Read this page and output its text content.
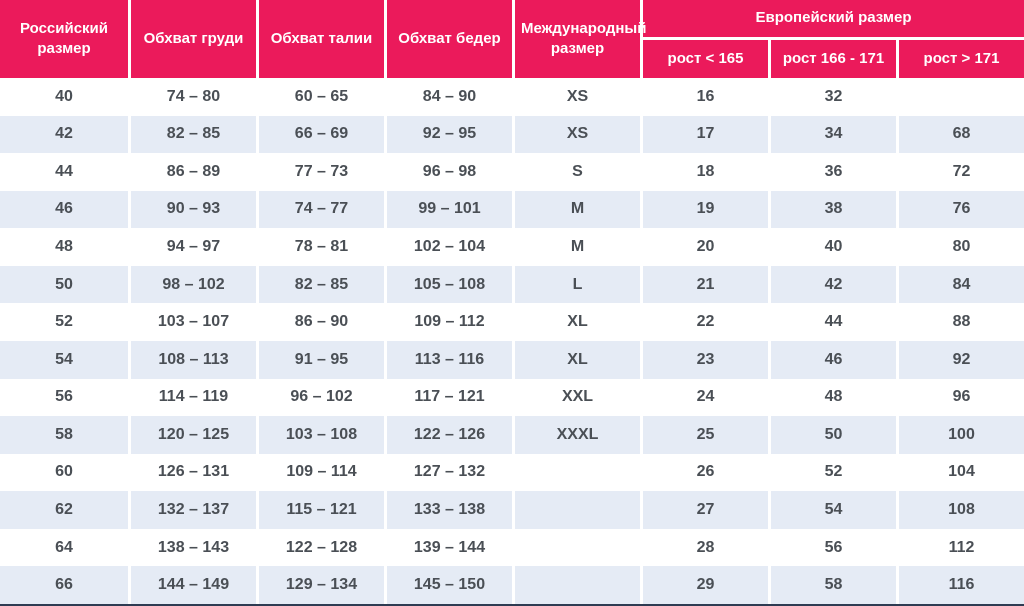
Российский размер	Обхват груди	Обхват талии	Обхват бедер	Международный размер	Европейский размер		
					рост < 165	рост 166 - 171	рост > 171
40	74 – 80	60 – 65	84 – 90	XS	16	32	
42	82 – 85	66 – 69	92 – 95	XS	17	34	68
44	86 – 89	77 – 73	96 – 98	S	18	36	72
46	90 – 93	74 – 77	99 – 101	M	19	38	76
48	94 – 97	78 – 81	102 – 104	M	20	40	80
50	98 – 102	82 – 85	105 – 108	L	21	42	84
52	103 – 107	86 – 90	109 – 112	XL	22	44	88
54	108 – 113	91 – 95	113 – 116	XL	23	46	92
56	114 – 119	96 – 102	117 – 121	XXL	24	48	96
58	120 – 125	103 – 108	122 – 126	XXXL	25	50	100
60	126 – 131	109 – 114	127 – 132		26	52	104
62	132 – 137	115 – 121	133 – 138		27	54	108
64	138 – 143	122 – 128	139 – 144		28	56	112
66	144 – 149	129 – 134	145 – 150		29	58	116
